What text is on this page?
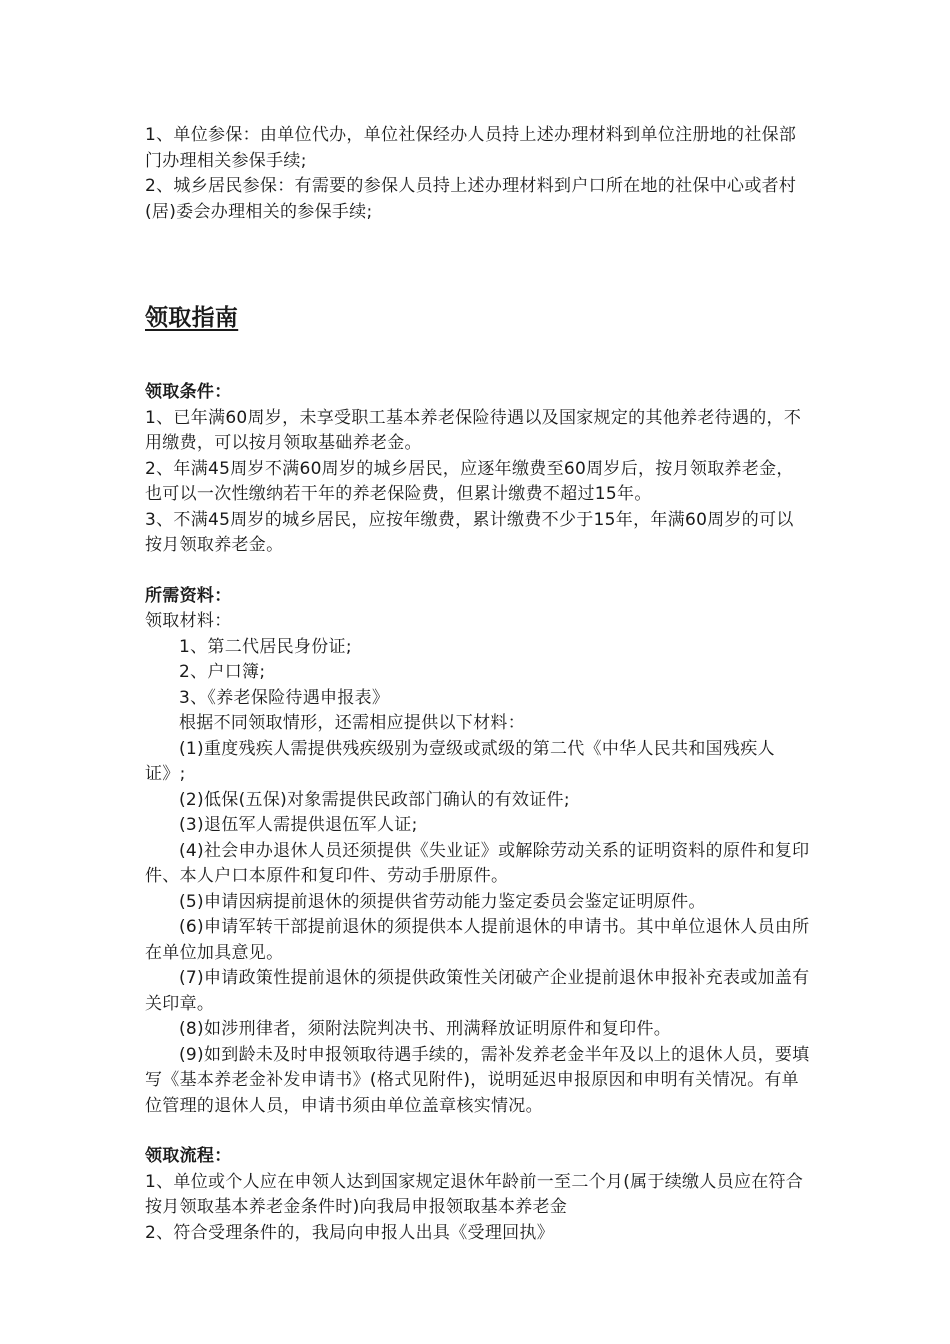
1、单位参保：由单位代办，单位社保经办人员持上述办理材料到单位注册地的社保部门办理相关参保手续;

2、城乡居民参保：有需要的参保人员持上述办理材料到户口所在地的社保中心或者村(居)委会办理相关的参保手续;

领取指南

领取条件：

1、已年满60周岁，未享受职工基本养老保险待遇以及国家规定的其他养老待遇的，不用缴费，可以按月领取基础养老金。

2、年满45周岁不满60周岁的城乡居民，应逐年缴费至60周岁后，按月领取养老金，也可以一次性缴纳若干年的养老保险费，但累计缴费不超过15年。

3、不满45周岁的城乡居民，应按年缴费，累计缴费不少于15年，年满60周岁的可以按月领取养老金。

所需资料：

领取材料：

1、第二代居民身份证;

2、户口簿;

3、《养老保险待遇申报表》

根据不同领取情形，还需相应提供以下材料：

(1)重度残疾人需提供残疾级别为壹级或贰级的第二代《中华人民共和国残疾人证》;

(2)低保(五保)对象需提供民政部门确认的有效证件;

(3)退伍军人需提供退伍军人证;

(4)社会申办退休人员还须提供《失业证》或解除劳动关系的证明资料的原件和复印件、本人户口本原件和复印件、劳动手册原件。

(5)申请因病提前退休的须提供省劳动能力鉴定委员会鉴定证明原件。

(6)申请军转干部提前退休的须提供本人提前退休的申请书。其中单位退休人员由所在单位加具意见。

(7)申请政策性提前退休的须提供政策性关闭破产企业提前退休申报补充表或加盖有关印章。

(8)如涉刑律者，须附法院判决书、刑满释放证明原件和复印件。

(9)如到龄未及时申报领取待遇手续的，需补发养老金半年及以上的退休人员，要填写《基本养老金补发申请书》(格式见附件)，说明延迟申报原因和申明有关情况。有单位管理的退休人员，申请书须由单位盖章核实情况。

领取流程：

1、单位或个人应在申领人达到国家规定退休年龄前一至二个月(属于续缴人员应在符合按月领取基本养老金条件时)向我局申报领取基本养老金

2、符合受理条件的，我局向申报人出具《受理回执》
